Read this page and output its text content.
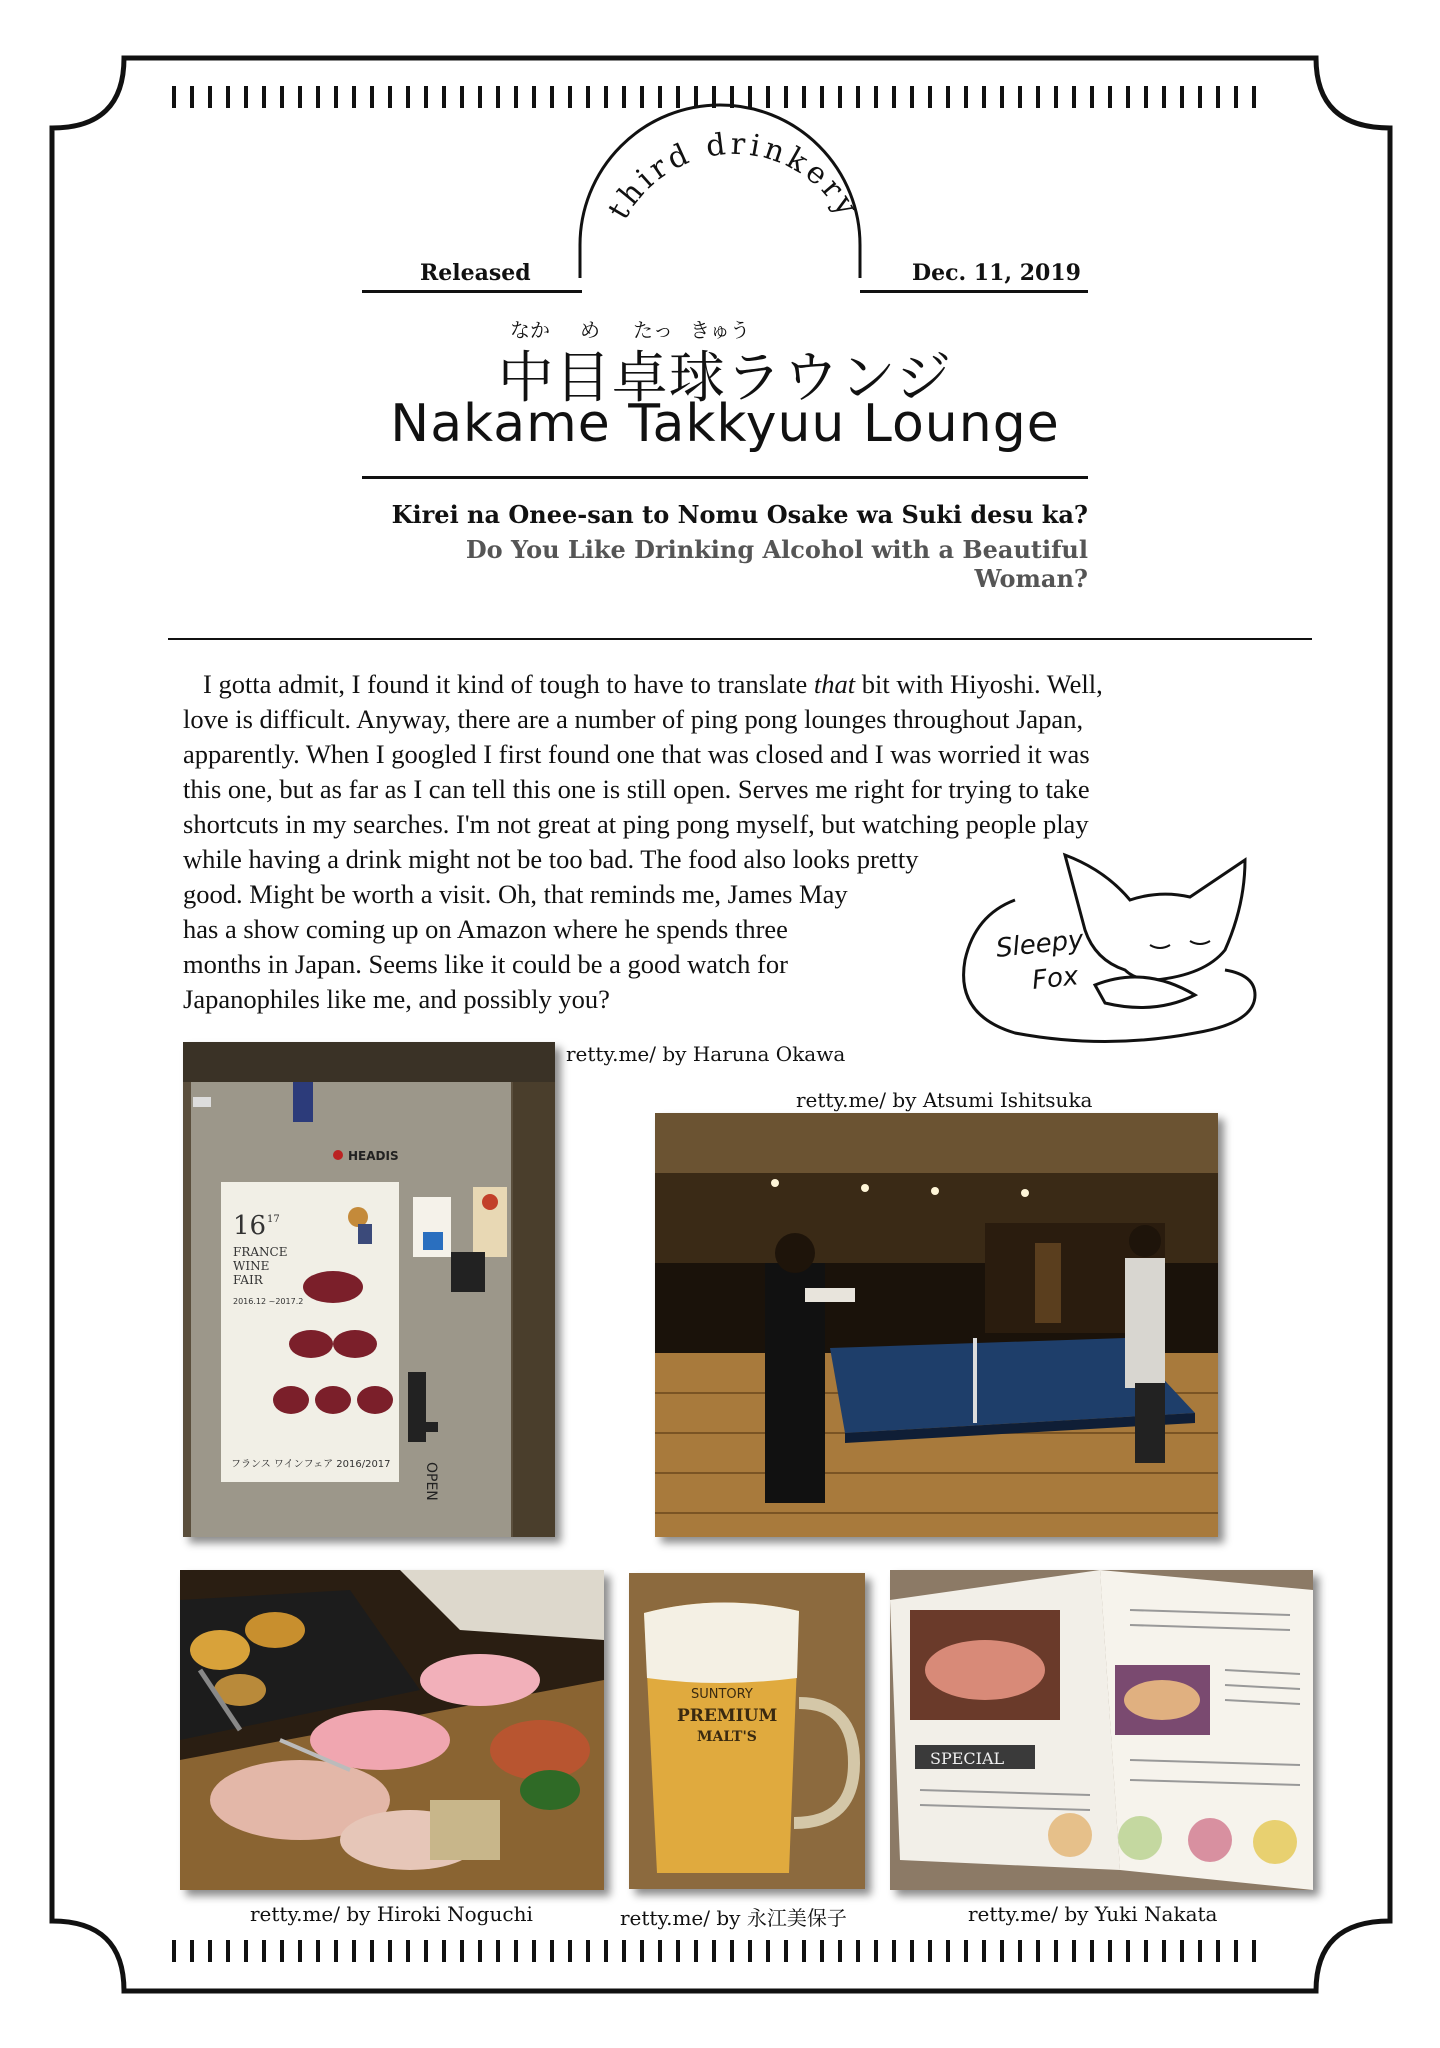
third drinkery
Released	Dec. 11, 2019
なか め たっ きゅう
中目卓球ラウンジ
Nakame Takkyuu Lounge
Kirei na Onee-san to Nomu Osake wa Suki desu ka?
Do You Like Drinking Alcohol with a Beautiful Woman?
I gotta admit, I found it kind of tough to have to translate that bit with Hiyoshi. Well,
love is difficult. Anyway, there are a number of ping pong lounges throughout Japan,
apparently. When I googled I first found one that was closed and I was worried it was
this one, but as far as I can tell this one is still open. Serves me right for trying to take
shortcuts in my searches. I'm not great at ping pong myself, but watching people play
while having a drink might not be too bad. The food also looks pretty
good. Might be worth a visit. Oh, that reminds me, James May
has a show coming up on Amazon where he spends three
months in Japan. Seems like it could be a good watch for
Japanophiles like me, and possibly you?
Sleepy
Fox
retty.me/ by Haruna Okawa
16 17
FRANCE
WINE
FAIR
2016.12 ~2017.2
フランス ワインフェア 2016/2017
HEADIS
OPEN
retty.me/ by Atsumi Ishitsuka
retty.me/ by Hiroki Noguchi
SUNTORY
PREMIUM
MALT'S
retty.me/ by 永江美保子
SPECIAL
retty.me/ by Yuki Nakata
